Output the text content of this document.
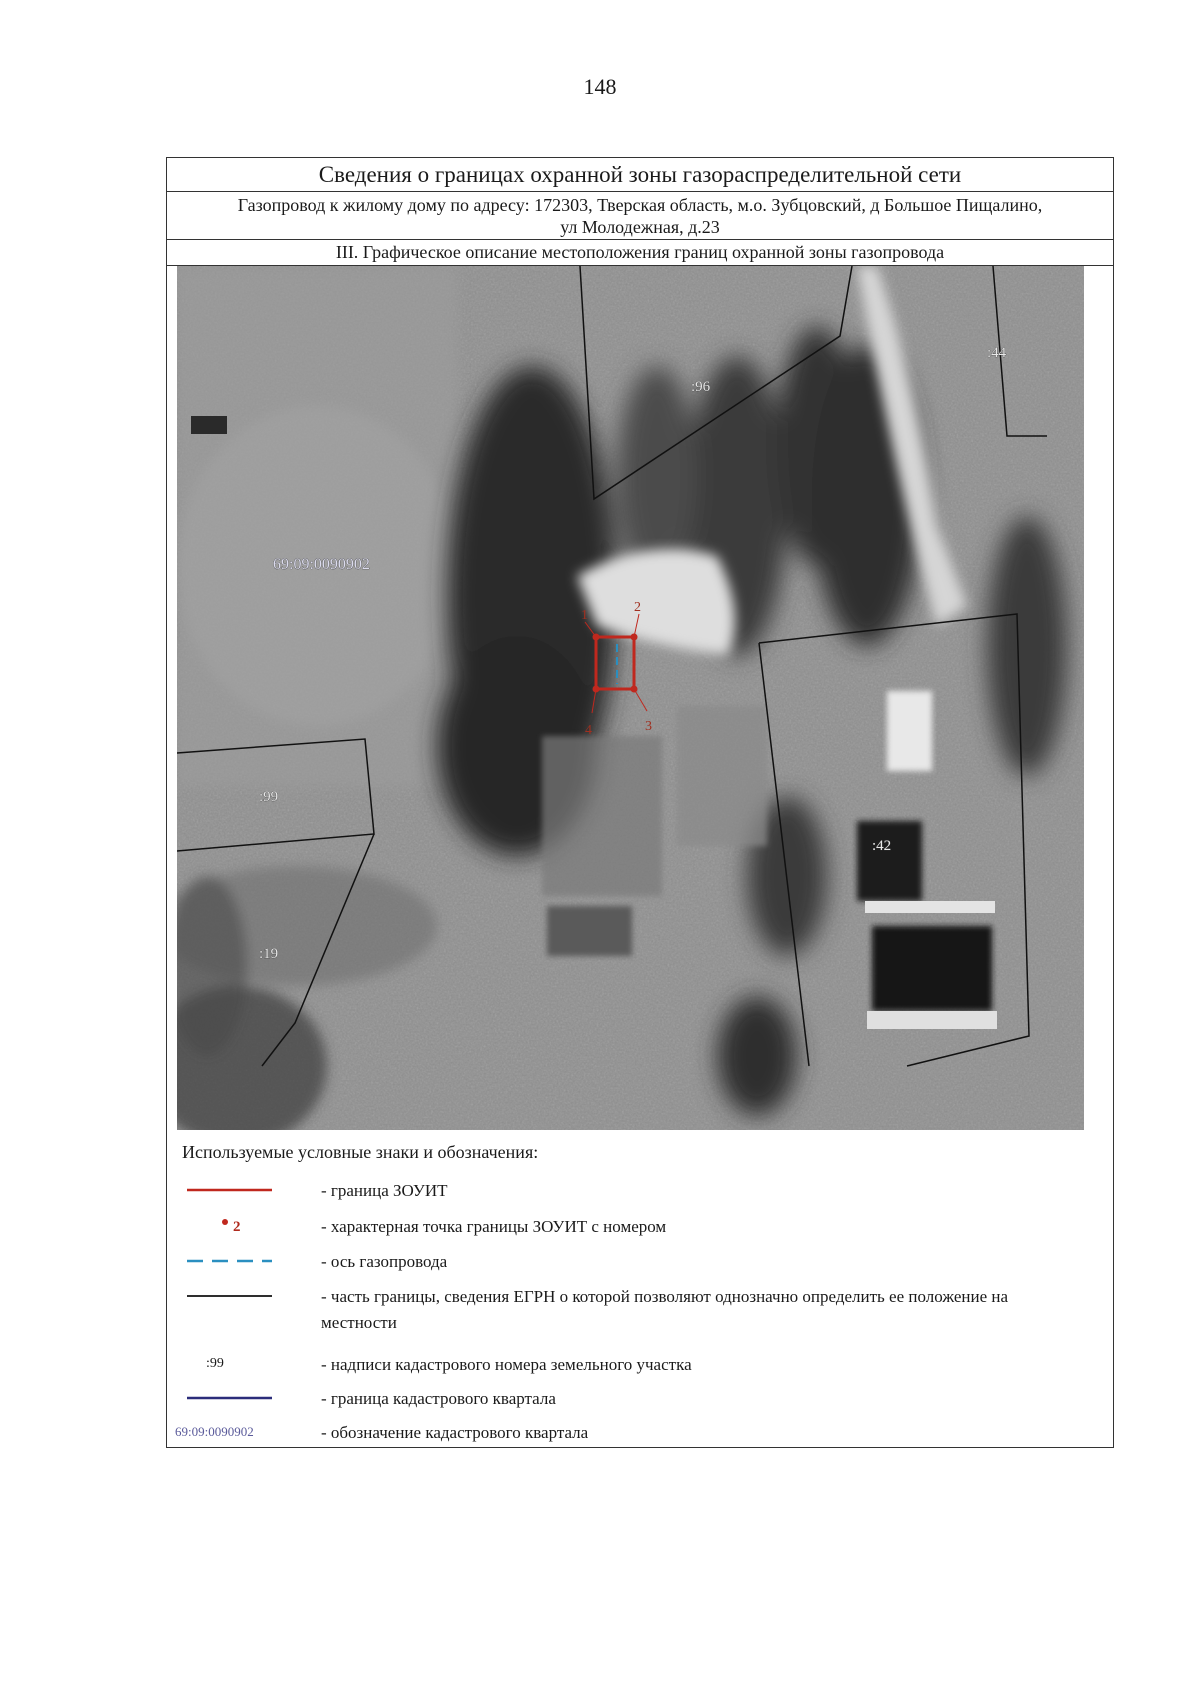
148
Сведения о границах охранной зоны газораспределительной сети
Газопровод к жилому дому по адресу: 172303, Тверская область, м.о. Зубцовский, д Большое Пищалино,
ул Молодежная, д.23
III. Графическое описание местоположения границ охранной зоны газопровода
1
2
3
4
69:09:0090902
:96
:44
:99
:19
:42
Используемые условные знаки и обозначения:
- граница ЗОУИТ
2	- характерная точка границы ЗОУИТ с номером
- ось газопровода
- часть границы, сведения ЕГРН о которой позволяют однозначно определить ее положение на местности
:99	- надписи кадастрового номера земельного участка
- граница кадастрового квартала
69:09:0090902	- обозначение кадастрового квартала
